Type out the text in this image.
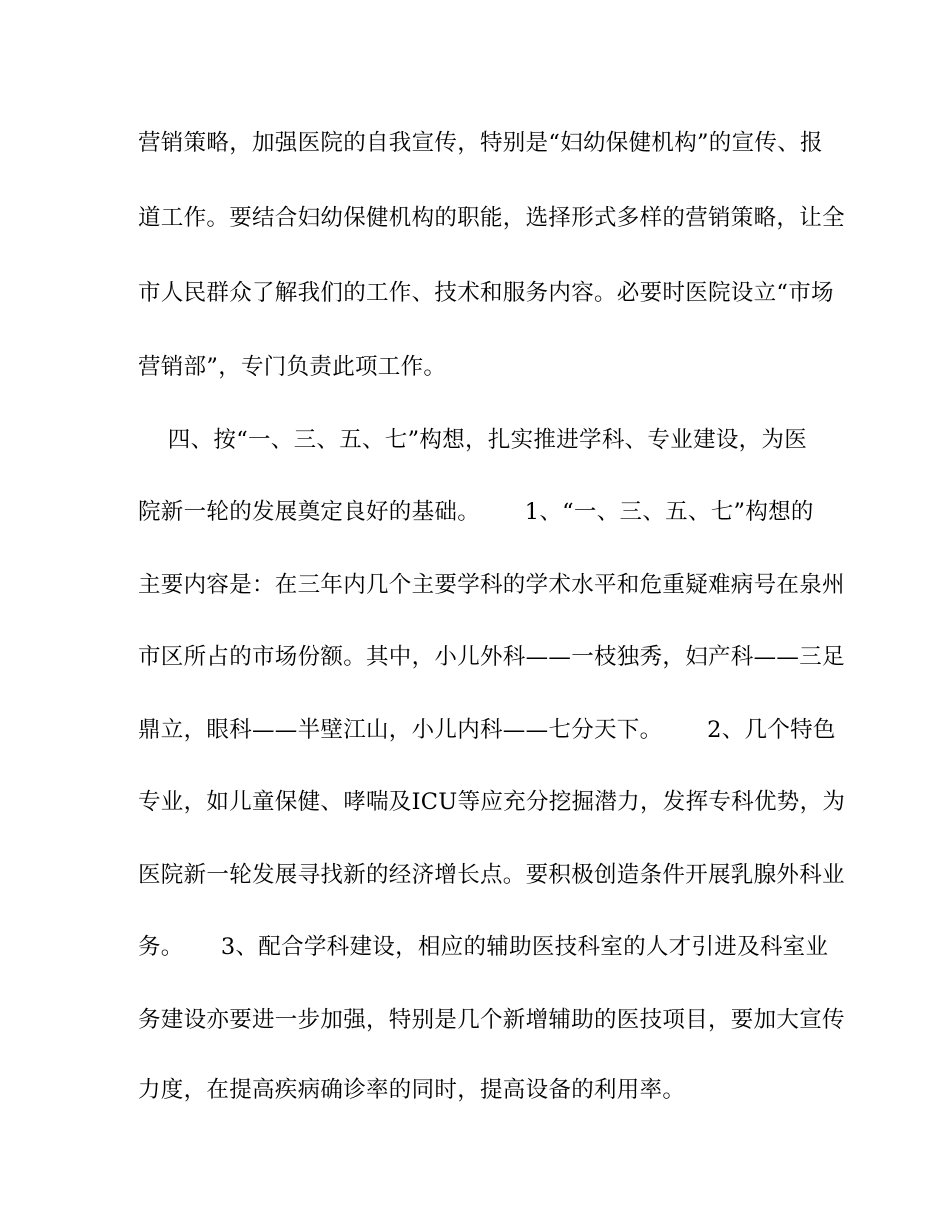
营销策略，加强医院的自我宣传，特别是“妇幼保健机构”的宣传、报
道工作。要结合妇幼保健机构的职能，选择形式多样的营销策略，让全
市人民群众了解我们的工作、技术和服务内容。必要时医院设立“市场
营销部”，专门负责此项工作。
四、按“一、三、五、七”构想，扎实推进学科、专业建设，为医
院新一轮的发展奠定良好的基础。      1、“一、三、五、七”构想的
主要内容是：在三年内几个主要学科的学术水平和危重疑难病号在泉州
市区所占的市场份额。其中，小儿外科——一枝独秀，妇产科——三足
鼎立，眼科——半壁江山，小儿内科——七分天下。      2、几个特色
专业，如儿童保健、哮喘及ICU等应充分挖掘潜力，发挥专科优势，为
医院新一轮发展寻找新的经济增长点。要积极创造条件开展乳腺外科业
务。     3、配合学科建设，相应的辅助医技科室的人才引进及科室业
务建设亦要进一步加强，特别是几个新增辅助的医技项目，要加大宣传
力度，在提高疾病确诊率的同时，提高设备的利用率。
